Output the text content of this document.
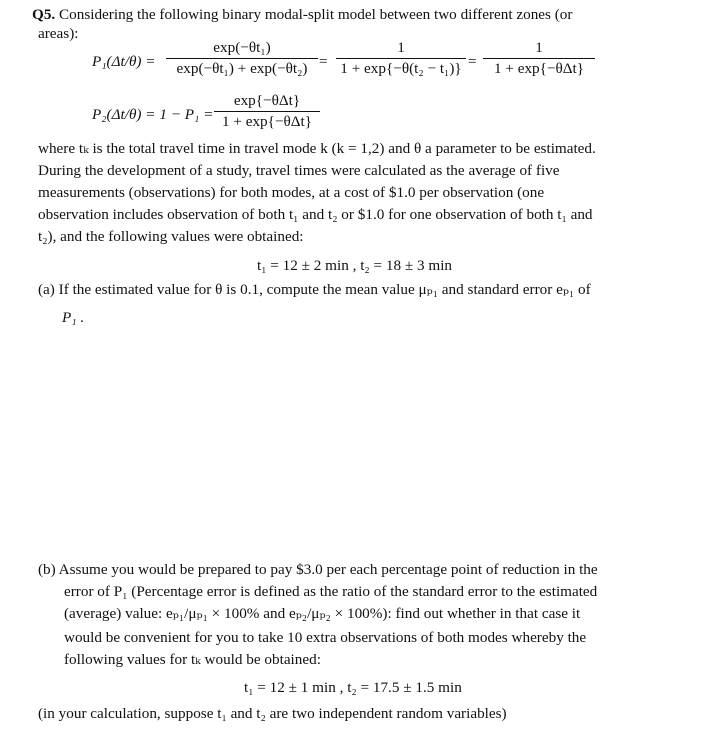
Q5. Considering the following binary modal-split model between two different zones (or
areas):
P₁(Δt/θ) =
exp(−θt₁)
exp(−θt₁) + exp(−θt₂) =
1
1 + exp{−θ(t₂ − t₁)} =
1
1 + exp{−θΔt}
P₂(Δt/θ) = 1 − P₁ =
exp{−θΔt}
1 + exp{−θΔt}
where tₖ is the total travel time in travel mode k (k = 1,2) and θ a parameter to be estimated.
During the development of a study, travel times were calculated as the average of five
measurements (observations) for both modes, at a cost of $1.0 per observation (one
observation includes observation of both t₁ and t₂ or $1.0 for one observation of both t₁ and
t₂), and the following values were obtained:
t₁ = 12 ± 2 min , t₂ = 18 ± 3 min
(a) If the estimated value for θ is 0.1, compute the mean value μₚ₁ and standard error eₚ₁ of
P₁ .
(b) Assume you would be prepared to pay $3.0 per each percentage point of reduction in the
error of P₁ (Percentage error is defined as the ratio of the standard error to the estimated
(average) value: eₚ₁/μₚ₁ × 100% and eₚ₂/μₚ₂ × 100%): find out whether in that case it
would be convenient for you to take 10 extra observations of both modes whereby the
following values for tₖ would be obtained:
t₁ = 12 ± 1 min , t₂ = 17.5 ± 1.5 min
(in your calculation, suppose t₁ and t₂ are two independent random variables)
